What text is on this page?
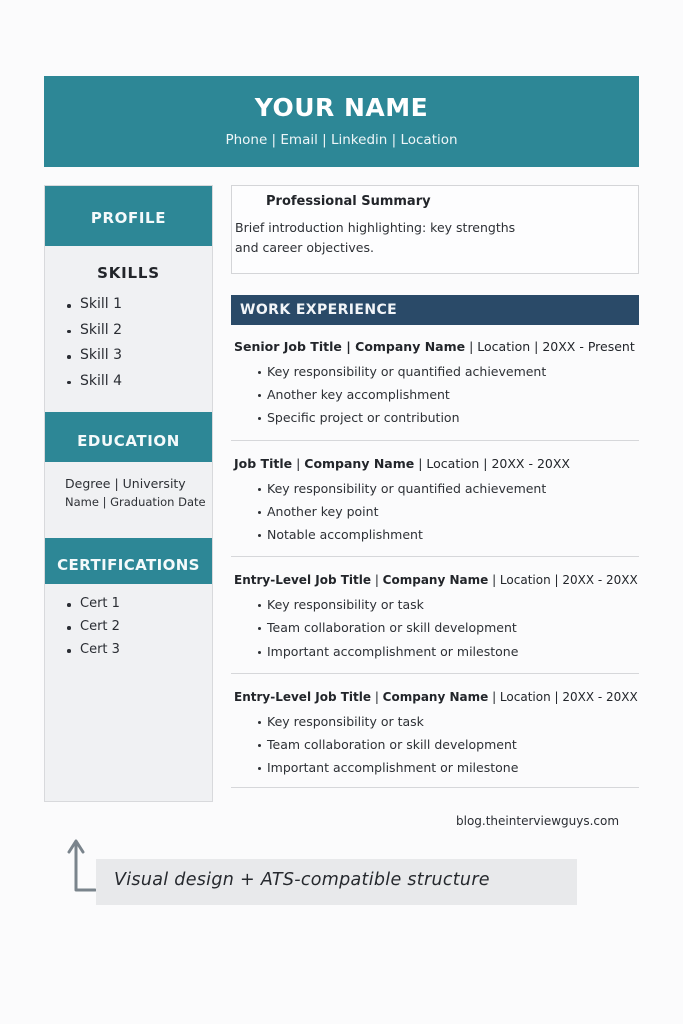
YOUR NAME
Phone | Email | Linkedin | Location
PROFILE
SKILLS
Skill 1
Skill 2
Skill 3
Skill 4
EDUCATION
Degree | University
Name | Graduation Date
CERTIFICATIONS
Cert 1
Cert 2
Cert 3
Professional Summary
Brief introduction highlighting: key strengths
and career objectives.
WORK EXPERIENCE
Senior Job Title | Company Name | Location | 20XX - Present
Key responsibility or quantified achievement
Another key accomplishment
Specific project or contribution
Job Title | Company Name | Location | 20XX - 20XX
Key responsibility or quantified achievement
Another key point
Notable accomplishment
Entry-Level Job Title | Company Name | Location | 20XX - 20XX
Key responsibility or task
Team collaboration or skill development
Important accomplishment or milestone
Entry-Level Job Title | Company Name | Location | 20XX - 20XX
Key responsibility or task
Team collaboration or skill development
Important accomplishment or milestone
blog.theinterviewguys.com
Visual design + ATS-compatible structure
